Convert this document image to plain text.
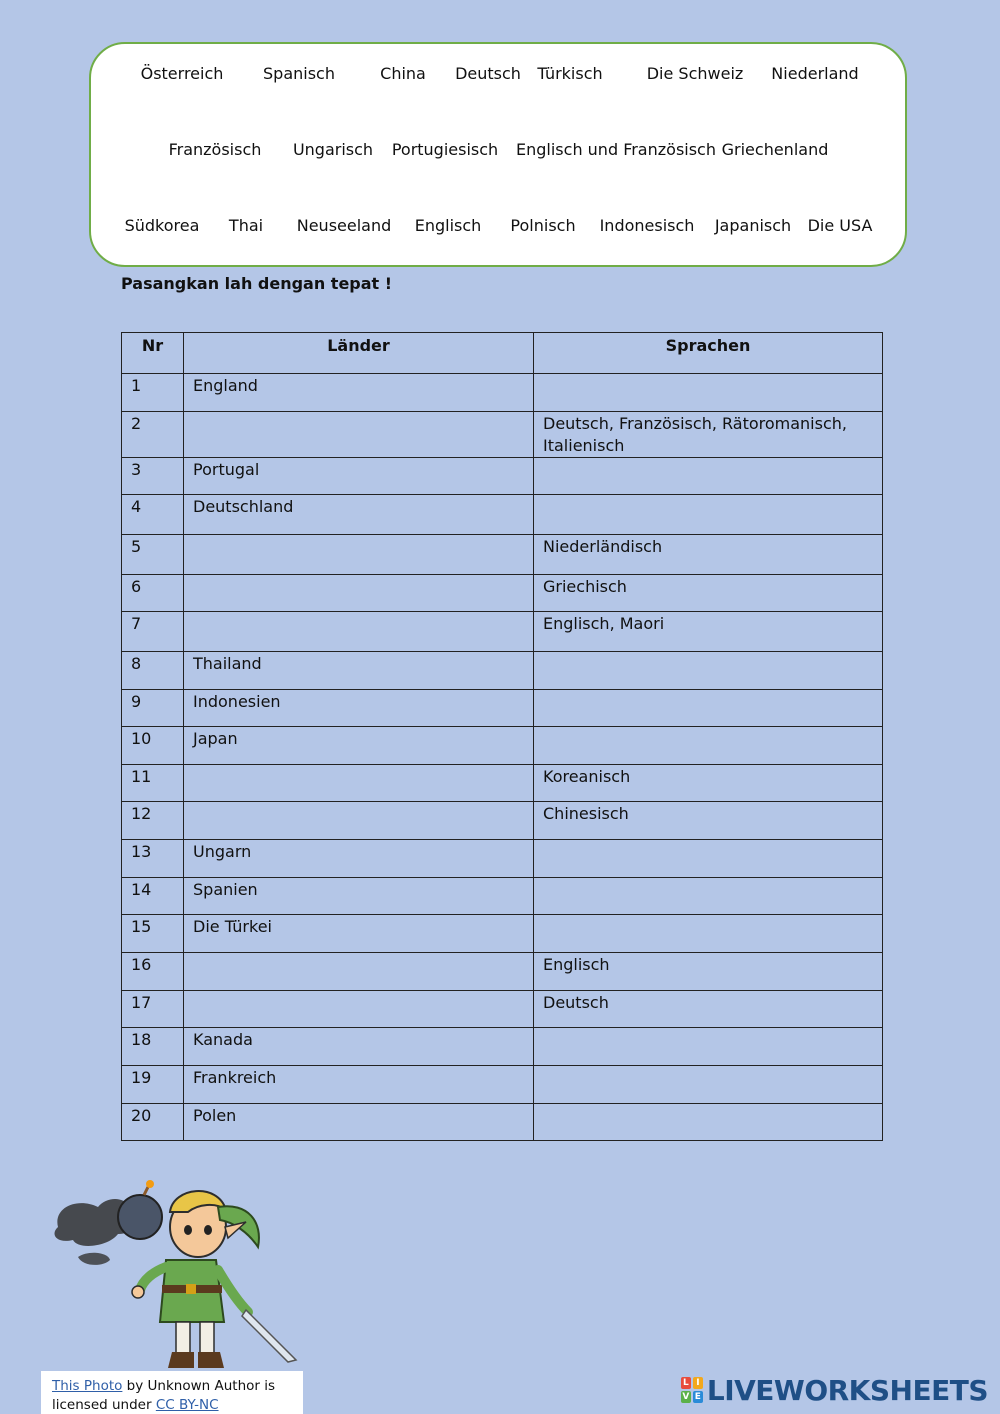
Österreich Spanisch	China Deutsch Türkisch	Die Schweiz Niederland
Französisch Ungarisch Portugiesisch Englisch und Französisch Griechenland
Südkorea Thai Neuseeland Englisch Polnisch Indonesisch Japanisch Die USA
Pasangkan lah dengan tepat !
Nr	Länder	Sprachen
1	England	
2		Deutsch, Französisch, Rätoromanisch, Italienisch
3	Portugal	
4	Deutschland	
5		Niederländisch
6		Griechisch
7		Englisch, Maori
8	Thailand	
9	Indonesien	
10	Japan	
11		Koreanisch
12		Chinesisch
13	Ungarn	
14	Spanien	
15	Die Türkei	
16		Englisch
17		Deutsch
18	Kanada	
19	Frankreich	
20	Polen	
This Photo by Unknown Author is
licensed under CC BY-NC
L I
V E LIVEWORKSHEETS
